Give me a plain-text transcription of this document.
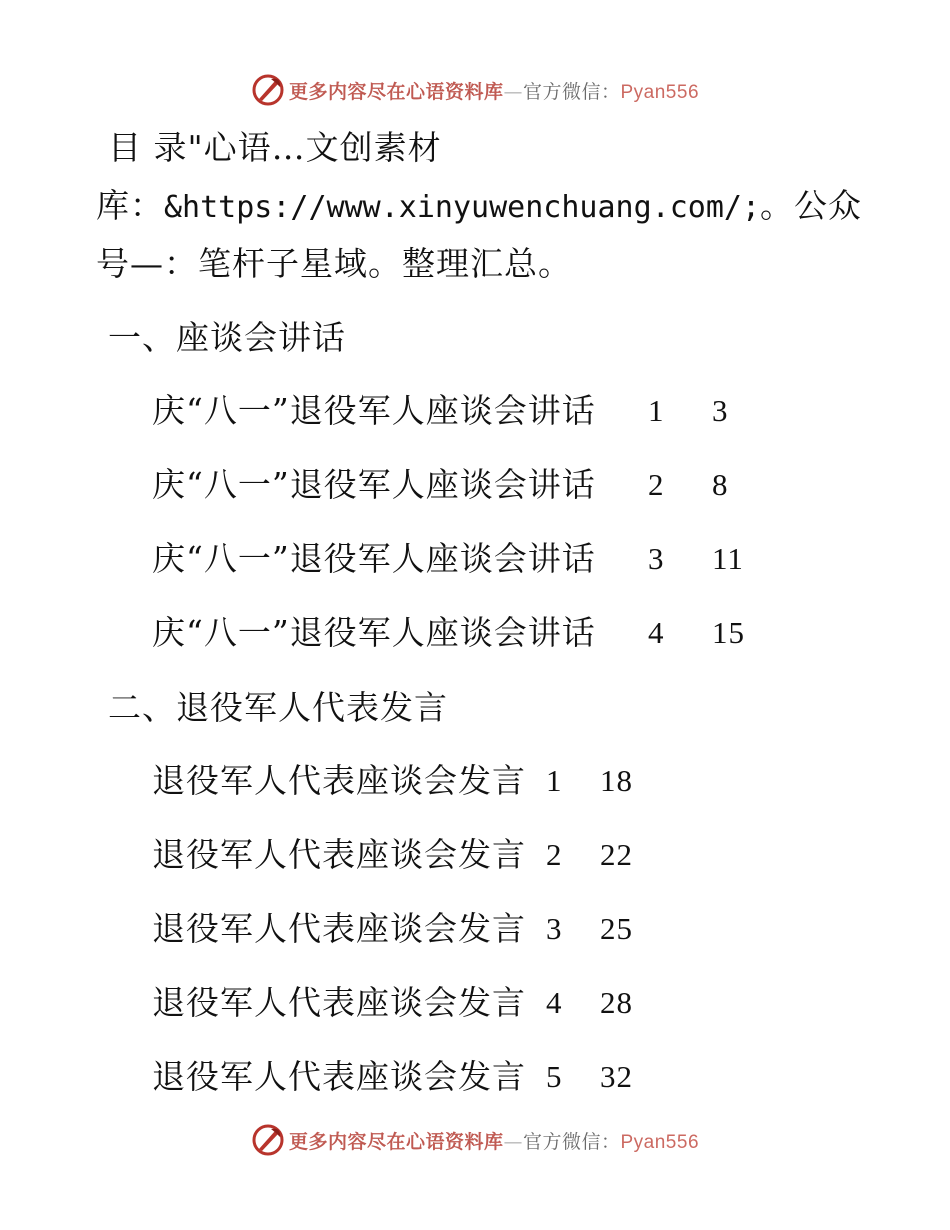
更多内容尽在心语资料库—官方微信：Pyan556
目 录"心语…文创素材
库：&https://www.xinyuwenchuang.com/;。公众
号—：笔杆子星域。整理汇总。
一、座谈会讲话
庆“八一”退役军人座谈会讲话 1 3
庆“八一”退役军人座谈会讲话 2 8
庆“八一”退役军人座谈会讲话 3 11
庆“八一”退役军人座谈会讲话 4 15
二、退役军人代表发言
退役军人代表座谈会发言 1 18
退役军人代表座谈会发言 2 22
退役军人代表座谈会发言 3 25
退役军人代表座谈会发言 4 28
退役军人代表座谈会发言 5 32
更多内容尽在心语资料库—官方微信：Pyan556
